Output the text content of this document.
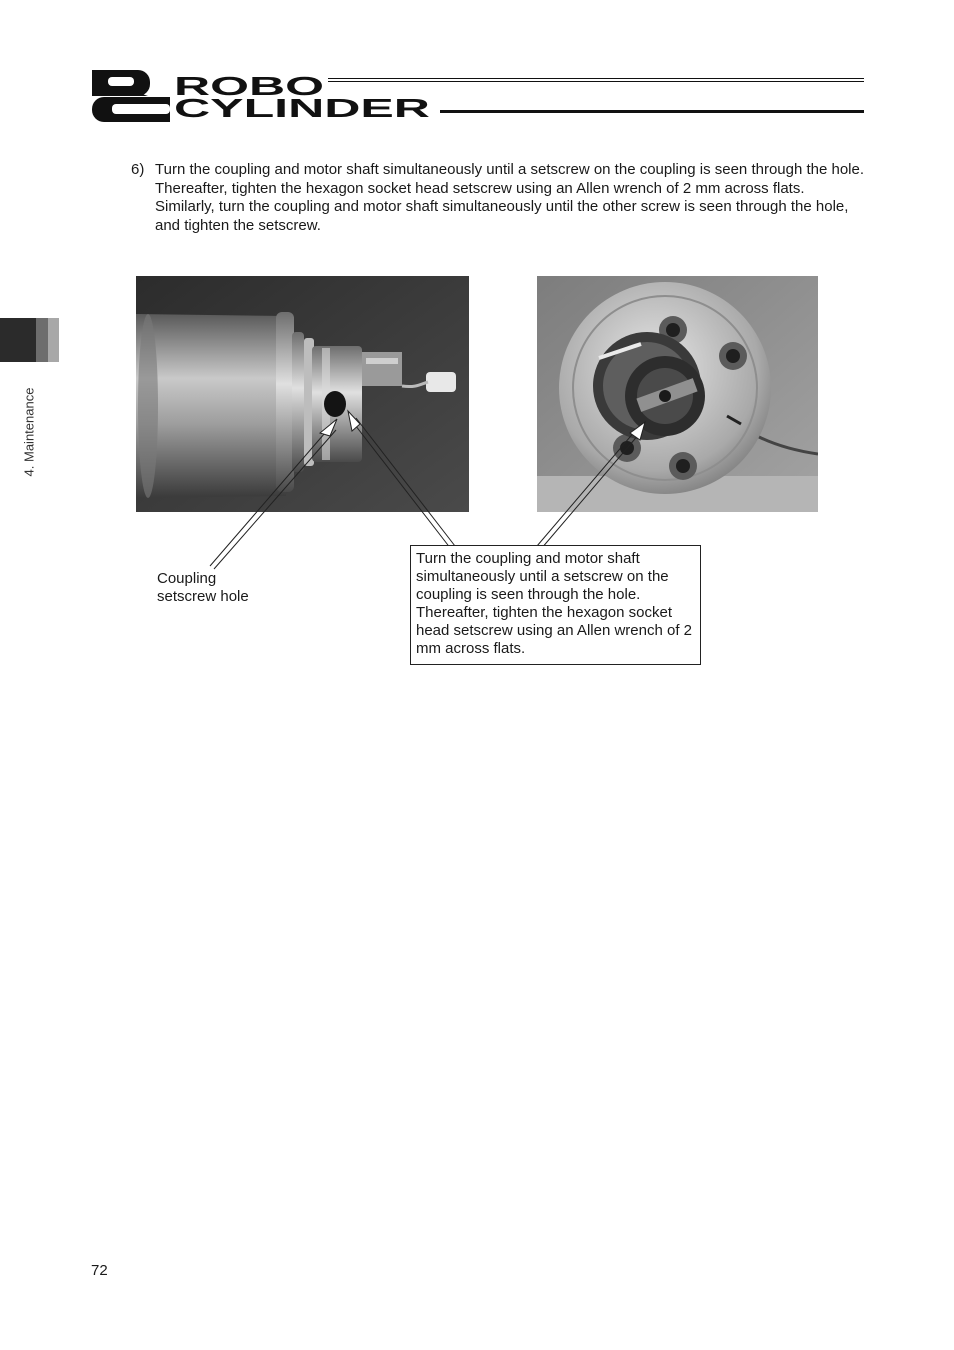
ROBO
CYLINDER
4. Maintenance
6) Turn the coupling and motor shaft simultaneously until a setscrew on the coupling is seen through the hole.

Thereafter, tighten the hexagon socket head setscrew using an Allen wrench of 2 mm across flats.

Similarly, turn the coupling and motor shaft simultaneously until the other screw is seen through the hole, and tighten the setscrew.

Coupling
setscrew hole
Turn the coupling and motor shaft simultaneously until a setscrew on the coupling is seen through the hole. Thereafter, tighten the hexagon socket head setscrew using an Allen wrench of 2 mm across flats.
72
